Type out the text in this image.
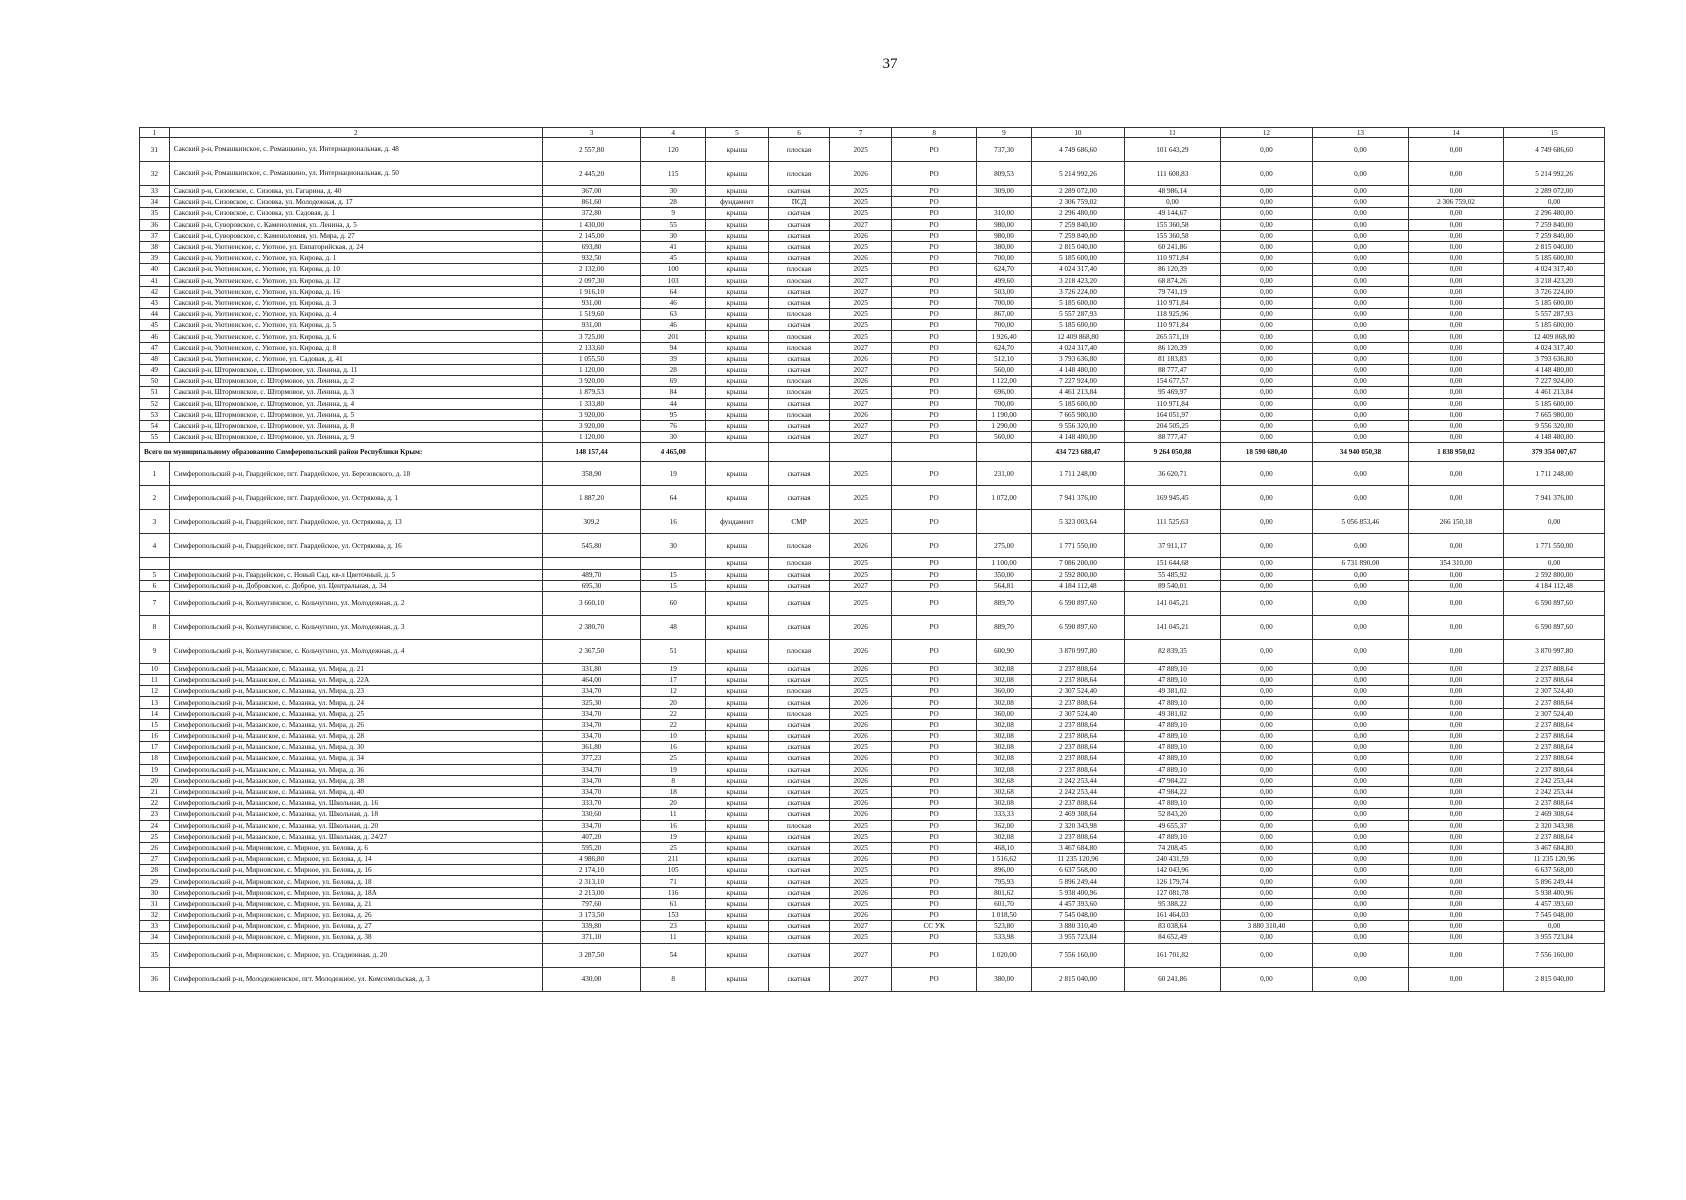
37
1	2	3	4	5	6	7	8	9	10	11	12	13	14	15
31	Сакский р-н, Ромашкинское, с. Ромашкино, ул. Интернациональная, д. 48	2 557,80	120	крыша	плоская	2025	РО	737,30	4 749 686,60	101 643,29	0,00	0,00	0,00	4 749 686,60
32	Сакский р-н, Ромашкинское, с. Ромашкино, ул. Интернациональная, д. 50	2 445,20	115	крыша	плоская	2026	РО	809,53	5 214 992,26	111 600,83	0,00	0,00	0,00	5 214 992,26
33	Сакский р-н, Сизовское, с. Сизовка, ул. Гагарина, д. 40	367,00	30	крыша	скатная	2025	РО	309,00	2 289 072,00	48 986,14	0,00	0,00	0,00	2 289 072,00
34	Сакский р-н, Сизовское, с. Сизовка, ул. Молодежная, д. 17	861,60	28	фундамент	ПСД	2025	РО		2 306 759,02	0,00	0,00	0,00	2 306 759,02	0,00
35	Сакский р-н, Сизовское, с. Сизовка, ул. Садовая, д. 1	372,80	9	крыша	скатная	2025	РО	310,00	2 296 480,00	49 144,67	0,00	0,00	0,00	2 296 480,00
36	Сакский р-н, Суворовское, с. Каменоломня, ул. Ленина, д. 5	1 430,00	55	крыша	скатная	2027	РО	980,00	7 259 840,00	155 360,58	0,00	0,00	0,00	7 259 840,00
37	Сакский р-н, Суворовское, с. Каменоломня, ул. Мира, д. 27	2 145,00	30	крыша	скатная	2026	РО	980,00	7 259 840,00	155 360,58	0,00	0,00	0,00	7 259 840,00
38	Сакский р-н, Уютненское, с. Уютное, ул. Евпаторийская, д. 24	693,80	41	крыша	скатная	2025	РО	380,00	2 815 040,00	60 241,86	0,00	0,00	0,00	2 815 040,00
39	Сакский р-н, Уютненское, с. Уютное, ул. Кирова, д. 1	932,50	45	крыша	скатная	2026	РО	700,00	5 185 600,00	110 971,84	0,00	0,00	0,00	5 185 600,00
40	Сакский р-н, Уютненское, с. Уютное, ул. Кирова, д. 10	2 132,00	100	крыша	плоская	2025	РО	624,70	4 024 317,40	86 120,39	0,00	0,00	0,00	4 024 317,40
41	Сакский р-н, Уютненское, с. Уютное, ул. Кирова, д. 12	2 097,30	103	крыша	плоская	2027	РО	499,60	3 218 423,20	68 874,26	0,00	0,00	0,00	3 218 423,20
42	Сакский р-н, Уютненское, с. Уютное, ул. Кирова, д. 16	1 916,10	64	крыша	скатная	2027	РО	503,00	3 726 224,00	79 741,19	0,00	0,00	0,00	3 726 224,00
43	Сакский р-н, Уютненское, с. Уютное, ул. Кирова, д. 3	931,00	46	крыша	скатная	2025	РО	700,00	5 185 600,00	110 971,84	0,00	0,00	0,00	5 185 600,00
44	Сакский р-н, Уютненское, с. Уютное, ул. Кирова, д. 4	1 519,60	63	крыша	плоская	2025	РО	867,00	5 557 287,93	118 925,96	0,00	0,00	0,00	5 557 287,93
45	Сакский р-н, Уютненское, с. Уютное, ул. Кирова, д. 5	931,00	46	крыша	скатная	2025	РО	700,00	5 185 600,00	110 971,84	0,00	0,00	0,00	5 185 600,00
46	Сакский р-н, Уютненское, с. Уютное, ул. Кирова, д. 6	3 725,00	201	крыша	плоская	2025	РО	1 926,40	12 409 868,80	265 571,19	0,00	0,00	0,00	12 409 868,80
47	Сакский р-н, Уютненское, с. Уютное, ул. Кирова, д. 8	2 133,60	94	крыша	плоская	2027	РО	624,70	4 024 317,40	86 120,39	0,00	0,00	0,00	4 024 317,40
48	Сакский р-н, Уютненское, с. Уютное, ул. Садовая, д. 41	1 055,50	39	крыша	скатная	2026	РО	512,10	3 793 636,80	81 183,83	0,00	0,00	0,00	3 793 636,80
49	Сакский р-н, Штормовское, с. Штормовое, ул. Ленина, д. 11	1 120,00	28	крыша	скатная	2027	РО	560,00	4 148 480,00	88 777,47	0,00	0,00	0,00	4 148 480,00
50	Сакский р-н, Штормовское, с. Штормовое, ул. Ленина, д. 2	3 920,00	69	крыша	плоская	2026	РО	1 122,00	7 227 924,00	154 677,57	0,00	0,00	0,00	7 227 924,00
51	Сакский р-н, Штормовское, с. Штормовое, ул. Ленина, д. 3	1 879,53	84	крыша	плоская	2025	РО	696,00	4 461 213,84	95 469,97	0,00	0,00	0,00	4 461 213,84
52	Сакский р-н, Штормовское, с. Штормовое, ул. Ленина, д. 4	1 333,80	44	крыша	скатная	2027	РО	700,00	5 185 600,00	110 971,84	0,00	0,00	0,00	5 185 600,00
53	Сакский р-н, Штормовское, с. Штормовое, ул. Ленина, д. 5	3 920,00	95	крыша	плоская	2026	РО	1 190,00	7 665 980,00	164 051,97	0,00	0,00	0,00	7 665 980,00
54	Сакский р-н, Штормовское, с. Штормовое, ул. Ленина, д. 8	3 920,00	76	крыша	скатная	2027	РО	1 290,00	9 556 320,00	204 505,25	0,00	0,00	0,00	9 556 320,00
55	Сакский р-н, Штормовское, с. Штормовое, ул. Ленина, д. 9	1 120,00	30	крыша	скатная	2027	РО	560,00	4 148 480,00	88 777,47	0,00	0,00	0,00	4 148 480,00
Всего по муниципальному образованию Симферопольский район Республики Крым:		148 157,44	4 465,00						434 723 688,47	9 264 050,88	18 590 680,40	34 940 050,38	1 838 950,02	379 354 007,67
1	Симферопольский р-н, Гвардейское, пгт. Гвардейское, ул. Березовского, д. 18	358,90	19	крыша	скатная	2025	РО	231,00	1 711 248,00	36 620,71	0,00	0,00	0,00	1 711 248,00
2	Симферопольский р-н, Гвардейское, пгт. Гвардейское, ул. Острякова, д. 1	1 887,20	64	крыша	скатная	2025	РО	1 072,00	7 941 376,00	169 945,45	0,00	0,00	0,00	7 941 376,00
3	Симферопольский р-н, Гвардейское, пгт. Гвардейское, ул. Острякова, д. 13	309,2	16	фундамент	СМР	2025	РО		5 323 003,64	111 525,63	0,00	5 056 853,46	266 150,18	0,00
4	Симферопольский р-н, Гвардейское, пгт. Гвардейское, ул. Острякова, д. 16	545,80	30	крыша	плоская	2026	РО	275,00	1 771 550,00	37 911,17	0,00	0,00	0,00	1 771 550,00
				крыша	плоская	2025	РО	1 100,00	7 086 200,00	151 644,68	0,00	6 731 890,00	354 310,00	0,00
5	Симферопольский р-н, Гвардейское, с. Новый Сад, кв-л Цветочный, д. 5	489,70	15	крыша	скатная	2025	РО	350,00	2 592 800,00	55 485,92	0,00	0,00	0,00	2 592 800,00
6	Симферопольский р-н, Добровское, с. Доброе, ул. Центральная, д. 34	695,30	15	крыша	скатная	2027	РО	564,81	4 184 112,48	89 540,01	0,00	0,00	0,00	4 184 112,48
7	Симферопольский р-н, Кольчугинское, с. Кольчугино, ул. Молодежная, д. 2	3 660,10	60	крыша	скатная	2025	РО	889,70	6 590 897,60	141 045,21	0,00	0,00	0,00	6 590 897,60
8	Симферопольский р-н, Кольчугинское, с. Кольчугино, ул. Молодежная, д. 3	2 380,70	48	крыша	скатная	2026	РО	889,70	6 590 897,60	141 045,21	0,00	0,00	0,00	6 590 897,60
9	Симферопольский р-н, Кольчугинское, с. Кольчугино, ул. Молодежная, д. 4	2 367,50	51	крыша	плоская	2026	РО	600,90	3 870 997,80	82 839,35	0,00	0,00	0,00	3 870 997,80
10	Симферопольский р-н, Мазанское, с. Мазанка, ул. Мира, д. 21	331,80	19	крыша	скатная	2026	РО	302,08	2 237 808,64	47 889,10	0,00	0,00	0,00	2 237 808,64
11	Симферопольский р-н, Мазанское, с. Мазанка, ул. Мира, д. 22А	464,00	17	крыша	скатная	2025	РО	302,08	2 237 808,64	47 889,10	0,00	0,00	0,00	2 237 808,64
12	Симферопольский р-н, Мазанское, с. Мазанка, ул. Мира, д. 23	334,70	12	крыша	плоская	2025	РО	360,00	2 307 524,40	49 381,02	0,00	0,00	0,00	2 307 524,40
13	Симферопольский р-н, Мазанское, с. Мазанка, ул. Мира, д. 24	325,30	20	крыша	скатная	2026	РО	302,08	2 237 808,64	47 889,10	0,00	0,00	0,00	2 237 808,64
14	Симферопольский р-н, Мазанское, с. Мазанка, ул. Мира, д. 25	334,70	22	крыша	плоская	2025	РО	360,00	2 307 524,40	49 381,02	0,00	0,00	0,00	2 307 524,40
15	Симферопольский р-н, Мазанское, с. Мазанка, ул. Мира, д. 26	334,70	22	крыша	скатная	2026	РО	302,08	2 237 808,64	47 889,10	0,00	0,00	0,00	2 237 808,64
16	Симферопольский р-н, Мазанское, с. Мазанка, ул. Мира, д. 28	334,70	10	крыша	скатная	2026	РО	302,08	2 237 808,64	47 889,10	0,00	0,00	0,00	2 237 808,64
17	Симферопольский р-н, Мазанское, с. Мазанка, ул. Мира, д. 30	361,80	16	крыша	скатная	2025	РО	302,08	2 237 808,64	47 889,10	0,00	0,00	0,00	2 237 808,64
18	Симферопольский р-н, Мазанское, с. Мазанка, ул. Мира, д. 34	377,23	25	крыша	скатная	2026	РО	302,08	2 237 808,64	47 889,10	0,00	0,00	0,00	2 237 808,64
19	Симферопольский р-н, Мазанское, с. Мазанка, ул. Мира, д. 36	334,70	19	крыша	скатная	2026	РО	302,08	2 237 808,64	47 889,10	0,00	0,00	0,00	2 237 808,64
20	Симферопольский р-н, Мазанское, с. Мазанка, ул. Мира, д. 38	334,70	8	крыша	скатная	2026	РО	302,68	2 242 253,44	47 984,22	0,00	0,00	0,00	2 242 253,44
21	Симферопольский р-н, Мазанское, с. Мазанка, ул. Мира, д. 40	334,70	18	крыша	скатная	2025	РО	302,68	2 242 253,44	47 984,22	0,00	0,00	0,00	2 242 253,44
22	Симферопольский р-н, Мазанское, с. Мазанка, ул. Школьная, д. 16	333,70	20	крыша	скатная	2026	РО	302,08	2 237 808,64	47 889,10	0,00	0,00	0,00	2 237 808,64
23	Симферопольский р-н, Мазанское, с. Мазанка, ул. Школьная, д. 18	330,60	11	крыша	скатная	2026	РО	333,33	2 469 308,64	52 843,20	0,00	0,00	0,00	2 469 308,64
24	Симферопольский р-н, Мазанское, с. Мазанка, ул. Школьная, д. 20	334,70	16	крыша	плоская	2025	РО	362,00	2 320 343,98	49 655,37	0,00	0,00	0,00	2 320 343,98
25	Симферопольский р-н, Мазанское, с. Мазанка, ул. Школьная, д. 24/27	407,20	19	крыша	скатная	2025	РО	302,08	2 237 808,64	47 889,10	0,00	0,00	0,00	2 237 808,64
26	Симферопольский р-н, Мирновское, с. Мирное, ул. Белова, д. 6	595,20	25	крыша	скатная	2025	РО	468,10	3 467 684,80	74 208,45	0,00	0,00	0,00	3 467 684,80
27	Симферопольский р-н, Мирновское, с. Мирное, ул. Белова, д. 14	4 986,80	211	крыша	скатная	2026	РО	1 516,62	11 235 120,96	240 431,59	0,00	0,00	0,00	11 235 120,96
28	Симферопольский р-н, Мирновское, с. Мирное, ул. Белова, д. 16	2 174,10	105	крыша	скатная	2025	РО	896,00	6 637 568,00	142 043,96	0,00	0,00	0,00	6 637 568,00
29	Симферопольский р-н, Мирновское, с. Мирное, ул. Белова, д. 18	2 313,10	71	крыша	скатная	2025	РО	795,93	5 896 249,44	126 179,74	0,00	0,00	0,00	5 896 249,44
30	Симферопольский р-н, Мирновское, с. Мирное, ул. Белова, д. 18А	2 213,00	116	крыша	скатная	2026	РО	801,62	5 938 400,96	127 081,78	0,00	0,00	0,00	5 938 400,96
31	Симферопольский р-н, Мирновское, с. Мирное, ул. Белова, д. 21	797,60	61	крыша	скатная	2025	РО	601,70	4 457 393,60	95 388,22	0,00	0,00	0,00	4 457 393,60
32	Симферопольский р-н, Мирновское, с. Мирное, ул. Белова, д. 26	3 173,50	153	крыша	скатная	2026	РО	1 018,50	7 545 048,00	161 464,03	0,00	0,00	0,00	7 545 048,00
33	Симферопольский р-н, Мирновское, с. Мирное, ул. Белова, д. 27	339,80	23	крыша	скатная	2027	СС УК	523,80	3 880 310,40	83 038,64	3 880 310,40	0,00	0,00	0,00
34	Симферопольский р-н, Мирновское, с. Мирное, ул. Белова, д. 38	371,10	11	крыша	скатная	2025	РО	533,98	3 955 723,84	84 652,49	0,00	0,00	0,00	3 955 723,84
35	Симферопольский р-н, Мирновское, с. Мирное, ул. Стадионная, д. 20	3 287,50	54	крыша	скатная	2027	РО	1 020,00	7 556 160,00	161 701,82	0,00	0,00	0,00	7 556 160,00
36	Симферопольский р-н, Молодежненское, пгт. Молодежное, ул. Комсомольская, д. 3	430,00	8	крыша	скатная	2027	РО	380,00	2 815 040,00	60 241,86	0,00	0,00	0,00	2 815 040,00
